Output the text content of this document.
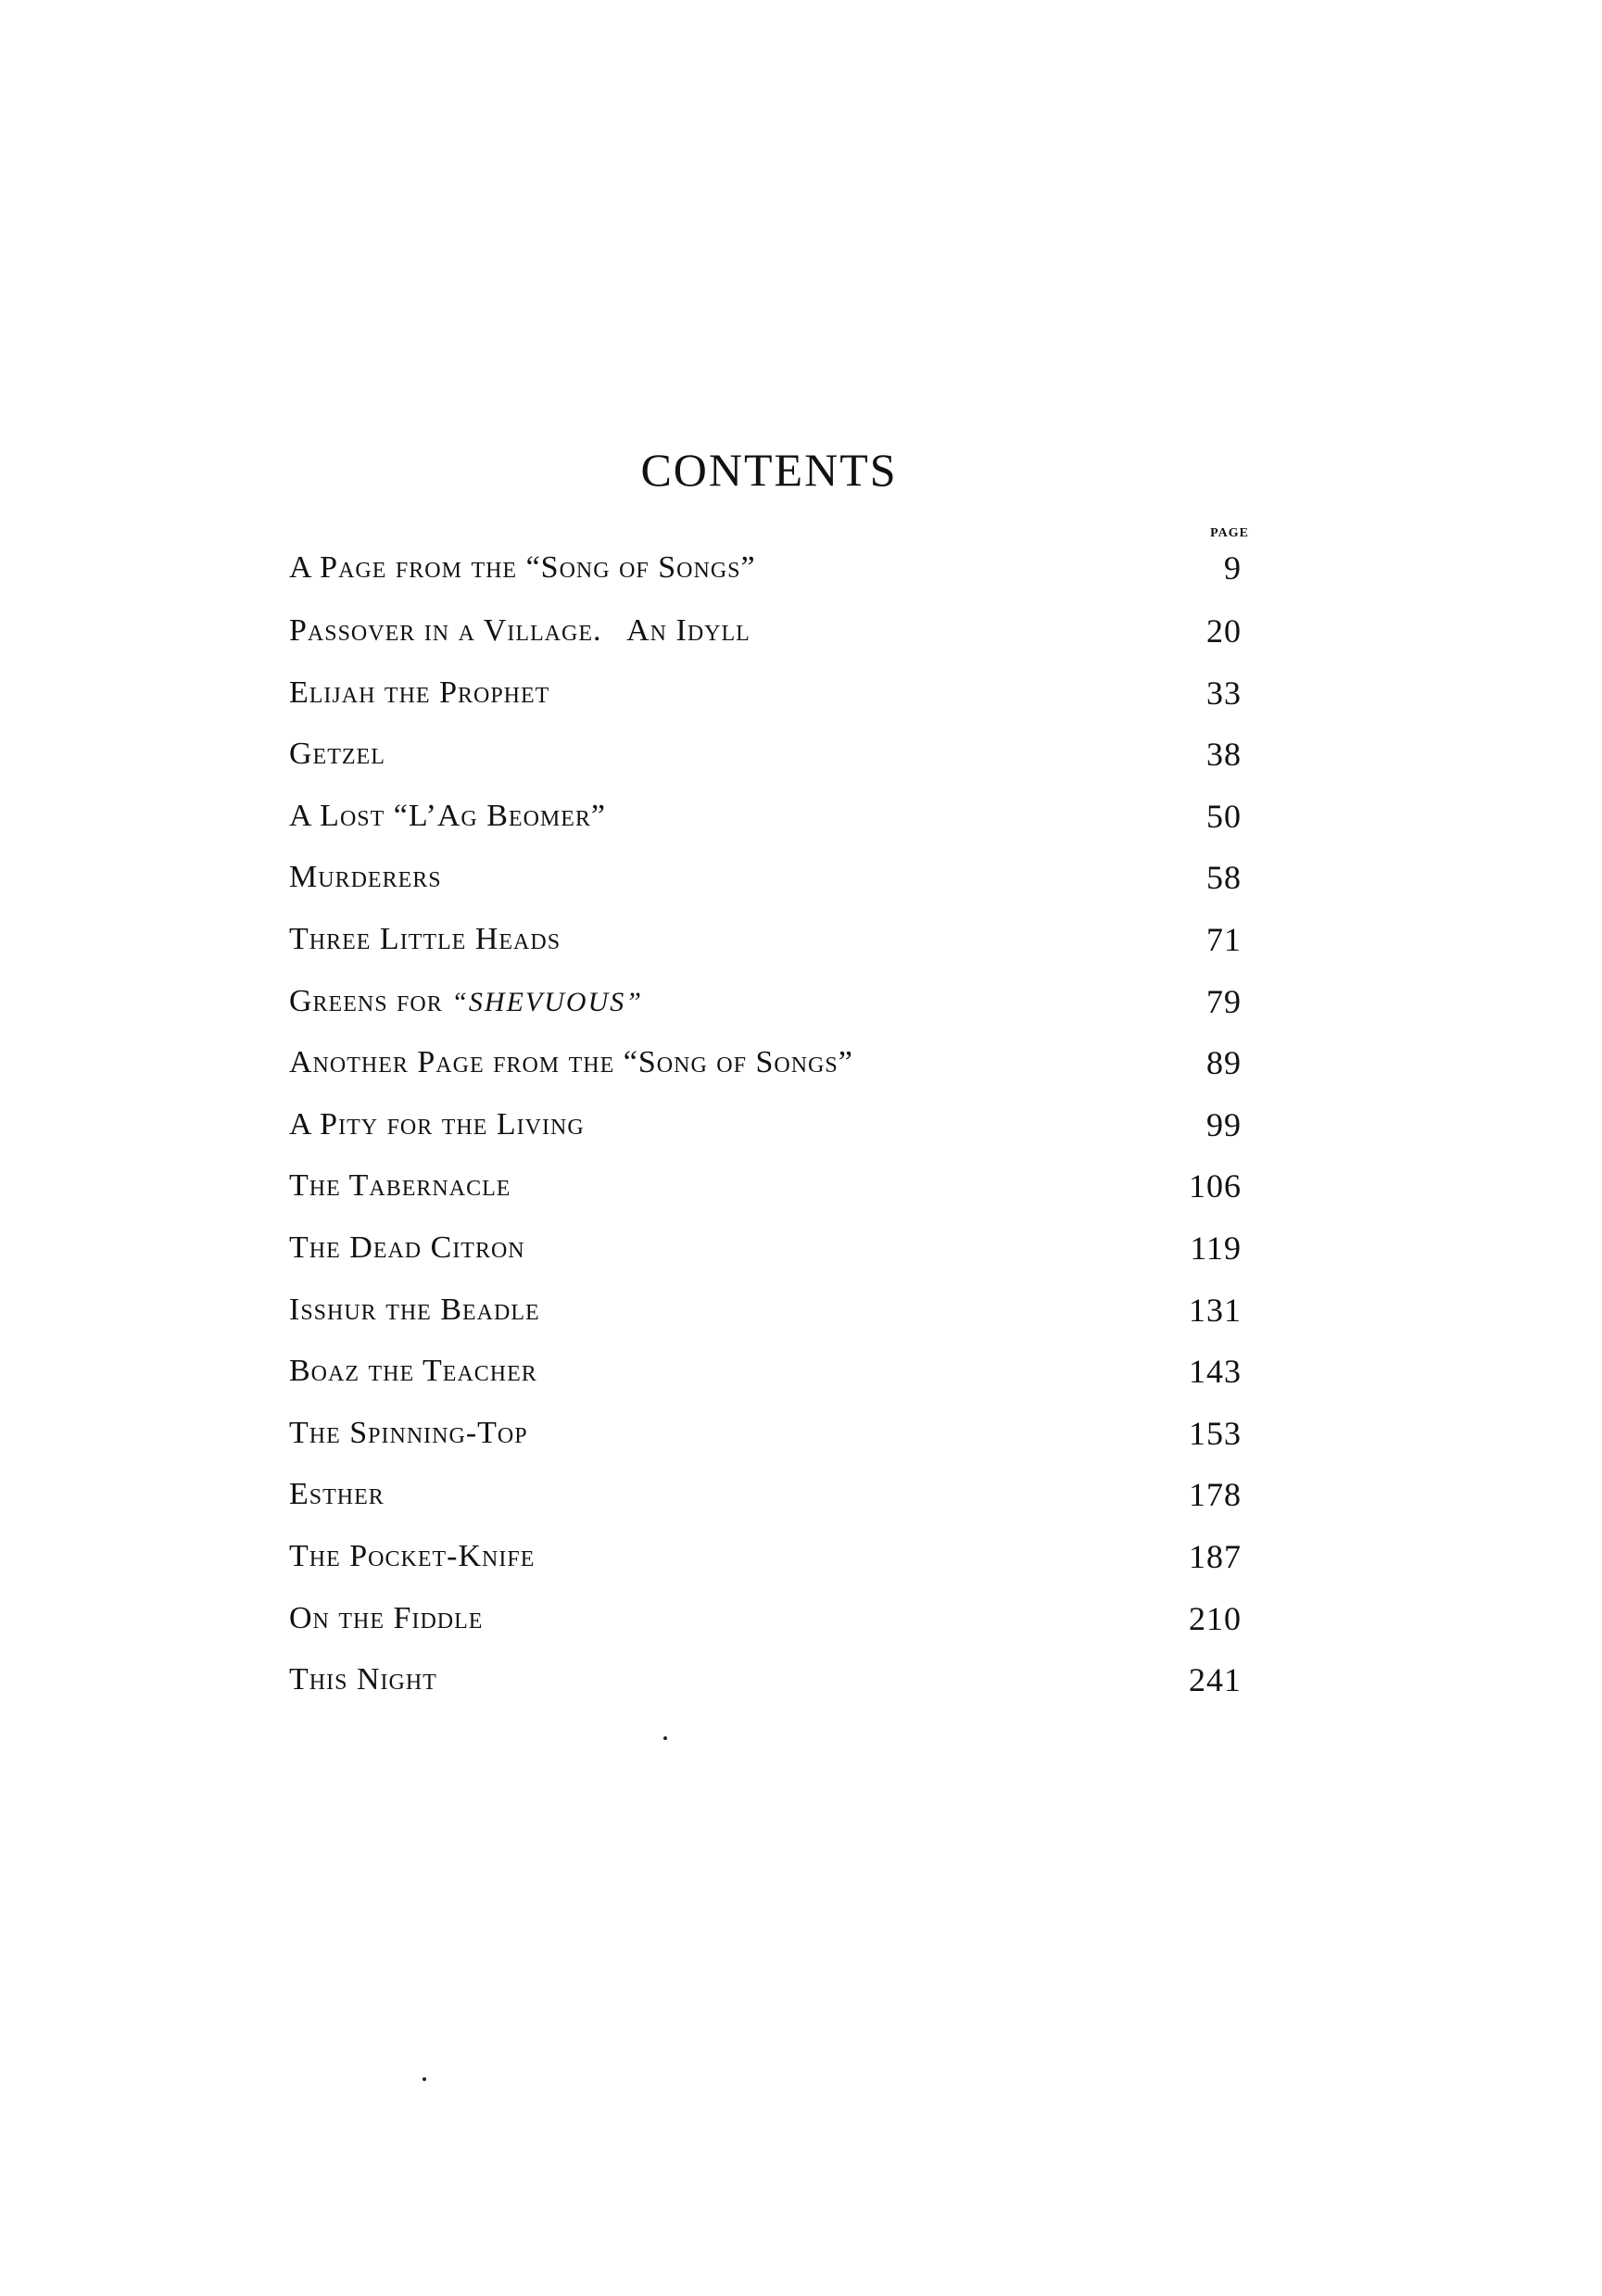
CONTENTS
PAGE
A Page from the “Song of Songs”	9
Passover in a Village.   An Idyll	20
Elijah the Prophet	33
Getzel	38
A Lost “L’Ag Beomer”	50
Murderers	58
Three Little Heads	71
Greens for “SHEVUOUS”	79
Another Page from the “Song of Songs”	89
A Pity for the Living	99
The Tabernacle	106
The Dead Citron	119
Isshur the Beadle	131
Boaz the Teacher	143
The Spinning-Top	153
Esther	178
The Pocket-Knife	187
On the Fiddle	210
This Night	241
